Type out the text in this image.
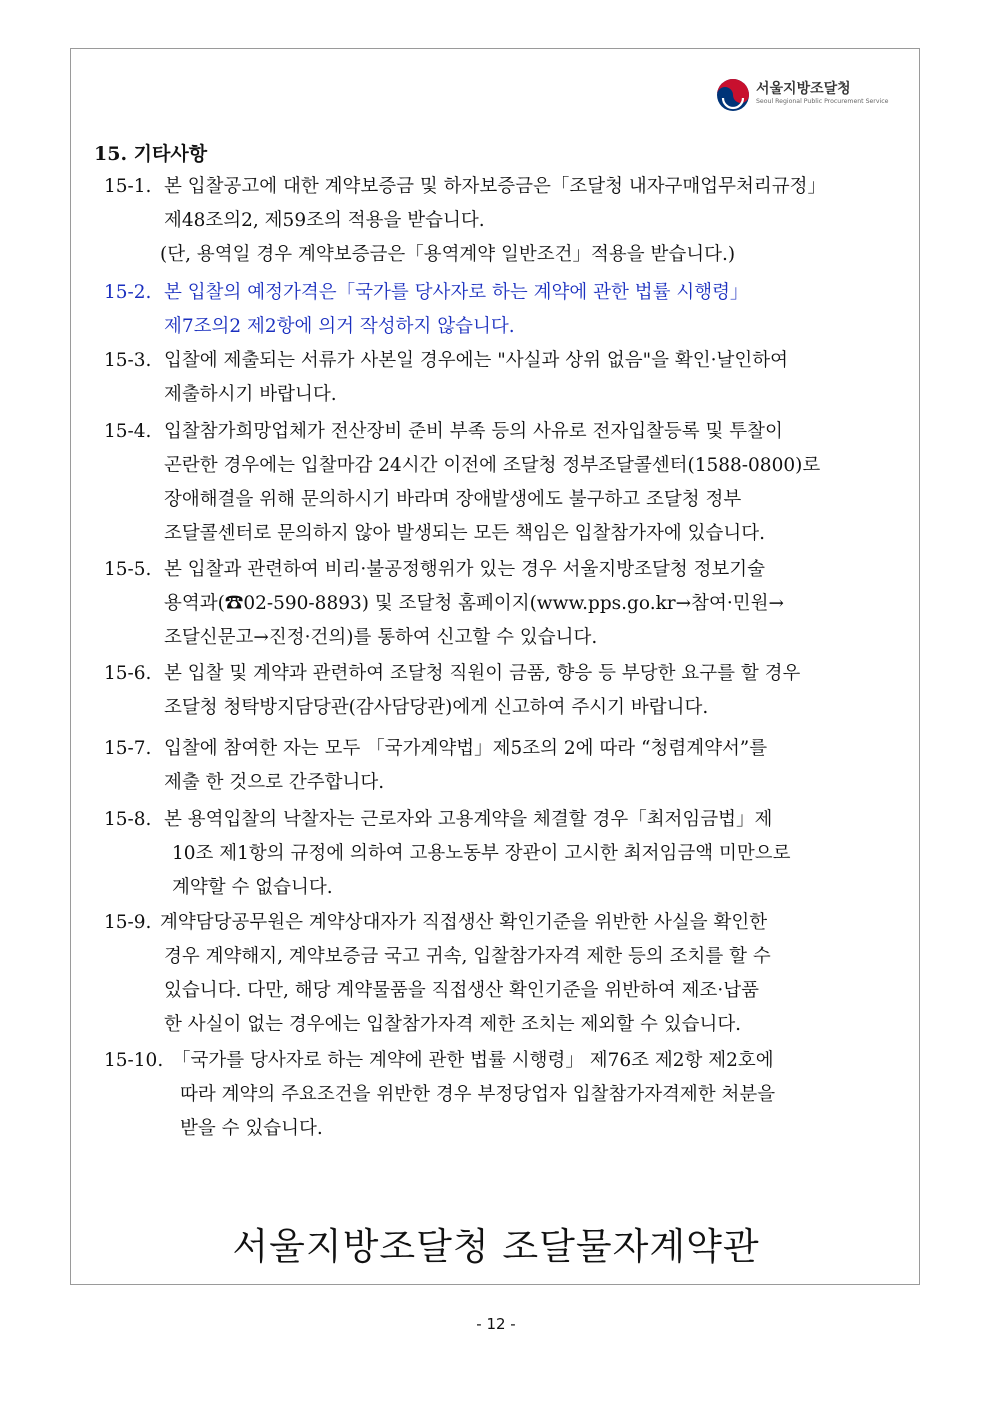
서울지방조달청
Seoul Regional Public Procurement Service
15. 기타사항
15-1. 본 입찰공고에 대한 계약보증금 및 하자보증금은「조달청 내자구매업무처리규정」
제48조의2, 제59조의 적용을 받습니다.
(단, 용역일 경우 계약보증금은「용역계약 일반조건」적용을 받습니다.)
15-2. 본 입찰의 예정가격은「국가를 당사자로 하는 계약에 관한 법률 시행령」
제7조의2 제2항에 의거 작성하지 않습니다.
15-3. 입찰에 제출되는 서류가 사본일 경우에는 "사실과 상위 없음"을 확인·날인하여
제출하시기 바랍니다.
15-4. 입찰참가희망업체가 전산장비 준비 부족 등의 사유로 전자입찰등록 및 투찰이
곤란한 경우에는 입찰마감 24시간 이전에 조달청 정부조달콜센터(1588-0800)로
장애해결을 위해 문의하시기 바라며 장애발생에도 불구하고 조달청 정부
조달콜센터로 문의하지 않아 발생되는 모든 책임은 입찰참가자에 있습니다.
15-5. 본 입찰과 관련하여 비리·불공정행위가 있는 경우 서울지방조달청 정보기술
용역과(☎02-590-8893) 및 조달청 홈페이지(www.pps.go.kr→참여·민원→
조달신문고→진정·건의)를 통하여 신고할 수 있습니다.
15-6. 본 입찰 및 계약과 관련하여 조달청 직원이 금품, 향응 등 부당한 요구를 할 경우
조달청 청탁방지담당관(감사담당관)에게 신고하여 주시기 바랍니다.
15-7. 입찰에 참여한 자는 모두 「국가계약법」제5조의 2에 따라 “청렴계약서”를
제출 한 것으로 간주합니다.
15-8. 본 용역입찰의 낙찰자는 근로자와 고용계약을 체결할 경우「최저임금법」제
10조 제1항의 규정에 의하여 고용노동부 장관이 고시한 최저임금액 미만으로
계약할 수 없습니다.
15-9. 계약담당공무원은 계약상대자가 직접생산 확인기준을 위반한 사실을 확인한
경우 계약해지, 계약보증금 국고 귀속, 입찰참가자격 제한 등의 조치를 할 수
있습니다. 다만, 해당 계약물품을 직접생산 확인기준을 위반하여 제조·납품
한 사실이 없는 경우에는 입찰참가자격 제한 조치는 제외할 수 있습니다.
15-10. 「국가를 당사자로 하는 계약에 관한 법률 시행령」 제76조 제2항 제2호에
따라 계약의 주요조건을 위반한 경우 부정당업자 입찰참가자격제한 처분을
받을 수 있습니다.
서울지방조달청 조달물자계약관
- 12 -
